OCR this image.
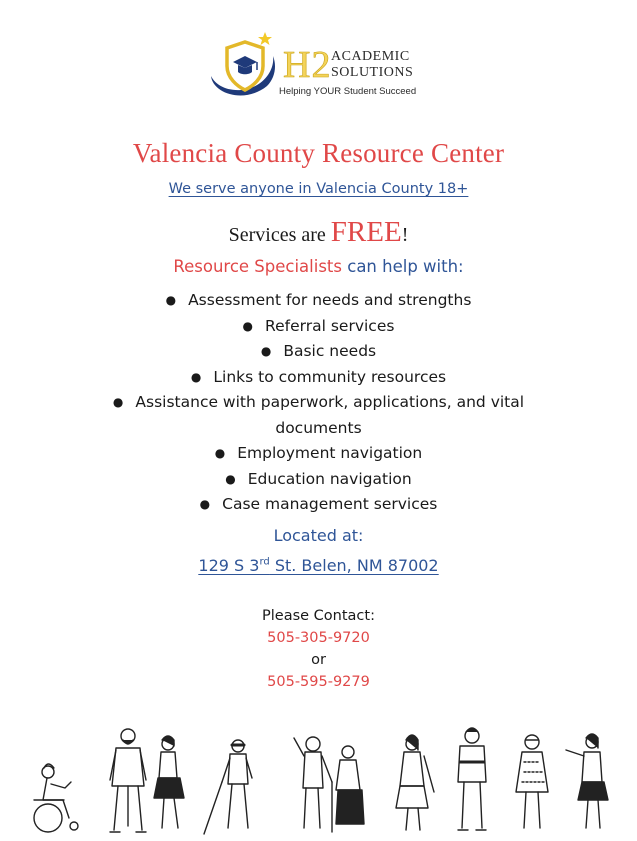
H2 ACADEMIC
SOLUTIONS
Helping YOUR Student Succeed
Valencia County Resource Center
We serve anyone in Valencia County 18+
Services are FREE!
Resource Specialists can help with:
● Assessment for needs and strengths
● Referral services
● Basic needs
● Links to community resources
● Assistance with paperwork, applications, and vital
documents
● Employment navigation
● Education navigation
● Case management services
Located at:
129 S 3rd St. Belen, NM 87002
Please Contact:
505-305-9720
or
505-595-9279
